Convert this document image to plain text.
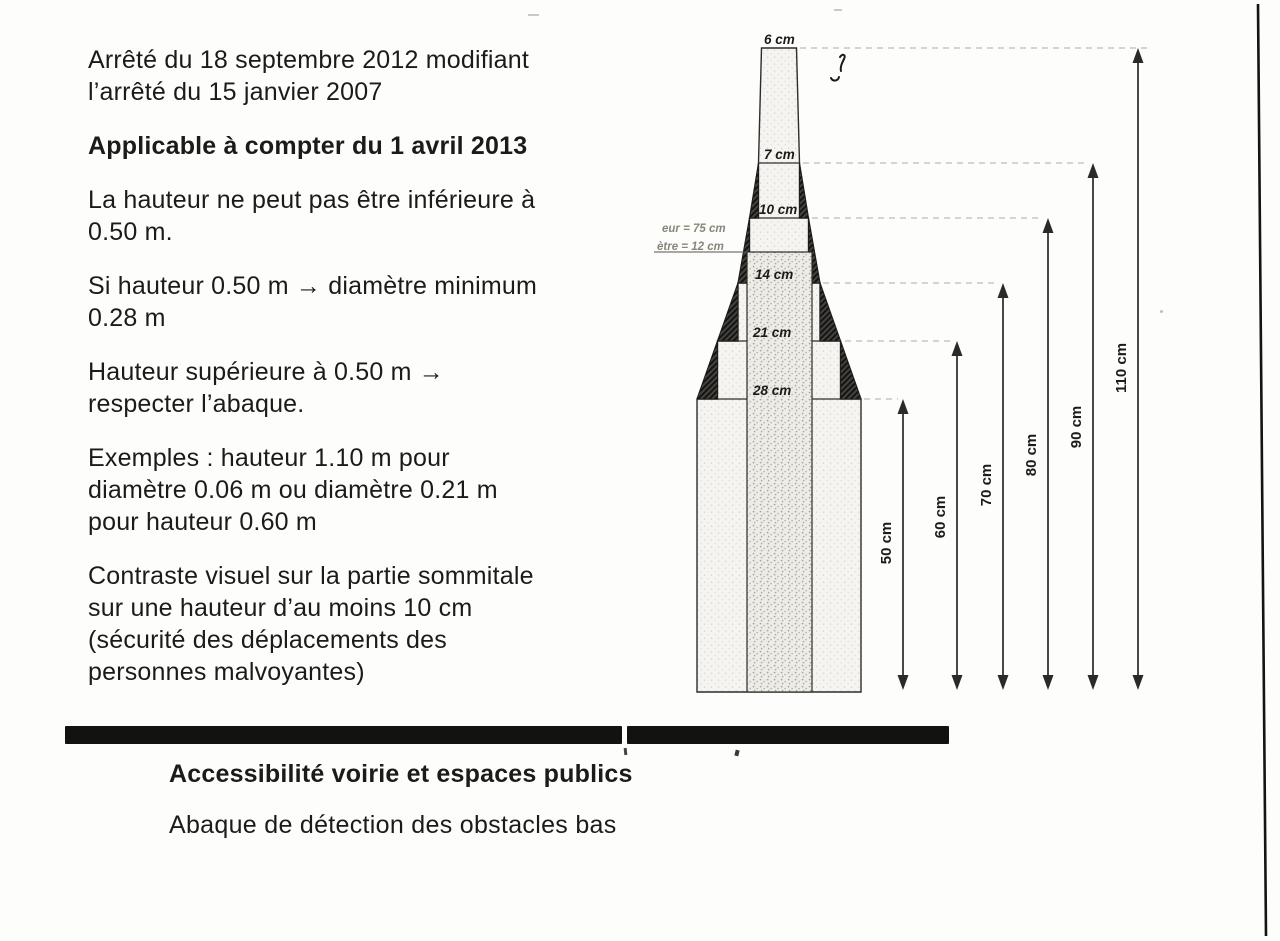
Arrêté du 18 septembre 2012 modifiant
l’arrêté du 15 janvier 2007

Applicable à compter du 1 avril 2013

La hauteur ne peut pas être inférieure à
0.50 m.

Si hauteur 0.50 m → diamètre minimum
0.28 m

Hauteur supérieure à 0.50 m →
respecter l’abaque.

Exemples : hauteur 1.10 m pour
diamètre 0.06 m ou diamètre 0.21 m
pour hauteur 0.60 m

Contraste visuel sur la partie sommitale
sur une hauteur d’au moins 10 cm
(sécurité des déplacements des
personnes malvoyantes)

6 cm
7 cm
10 cm
14 cm
21 cm
28 cm
eur = 75 cm
ètre = 12 cm
50 cm
60 cm
70 cm
80 cm
90 cm
110 cm
Accessibilité voirie et espaces publics
Abaque de détection des obstacles bas
